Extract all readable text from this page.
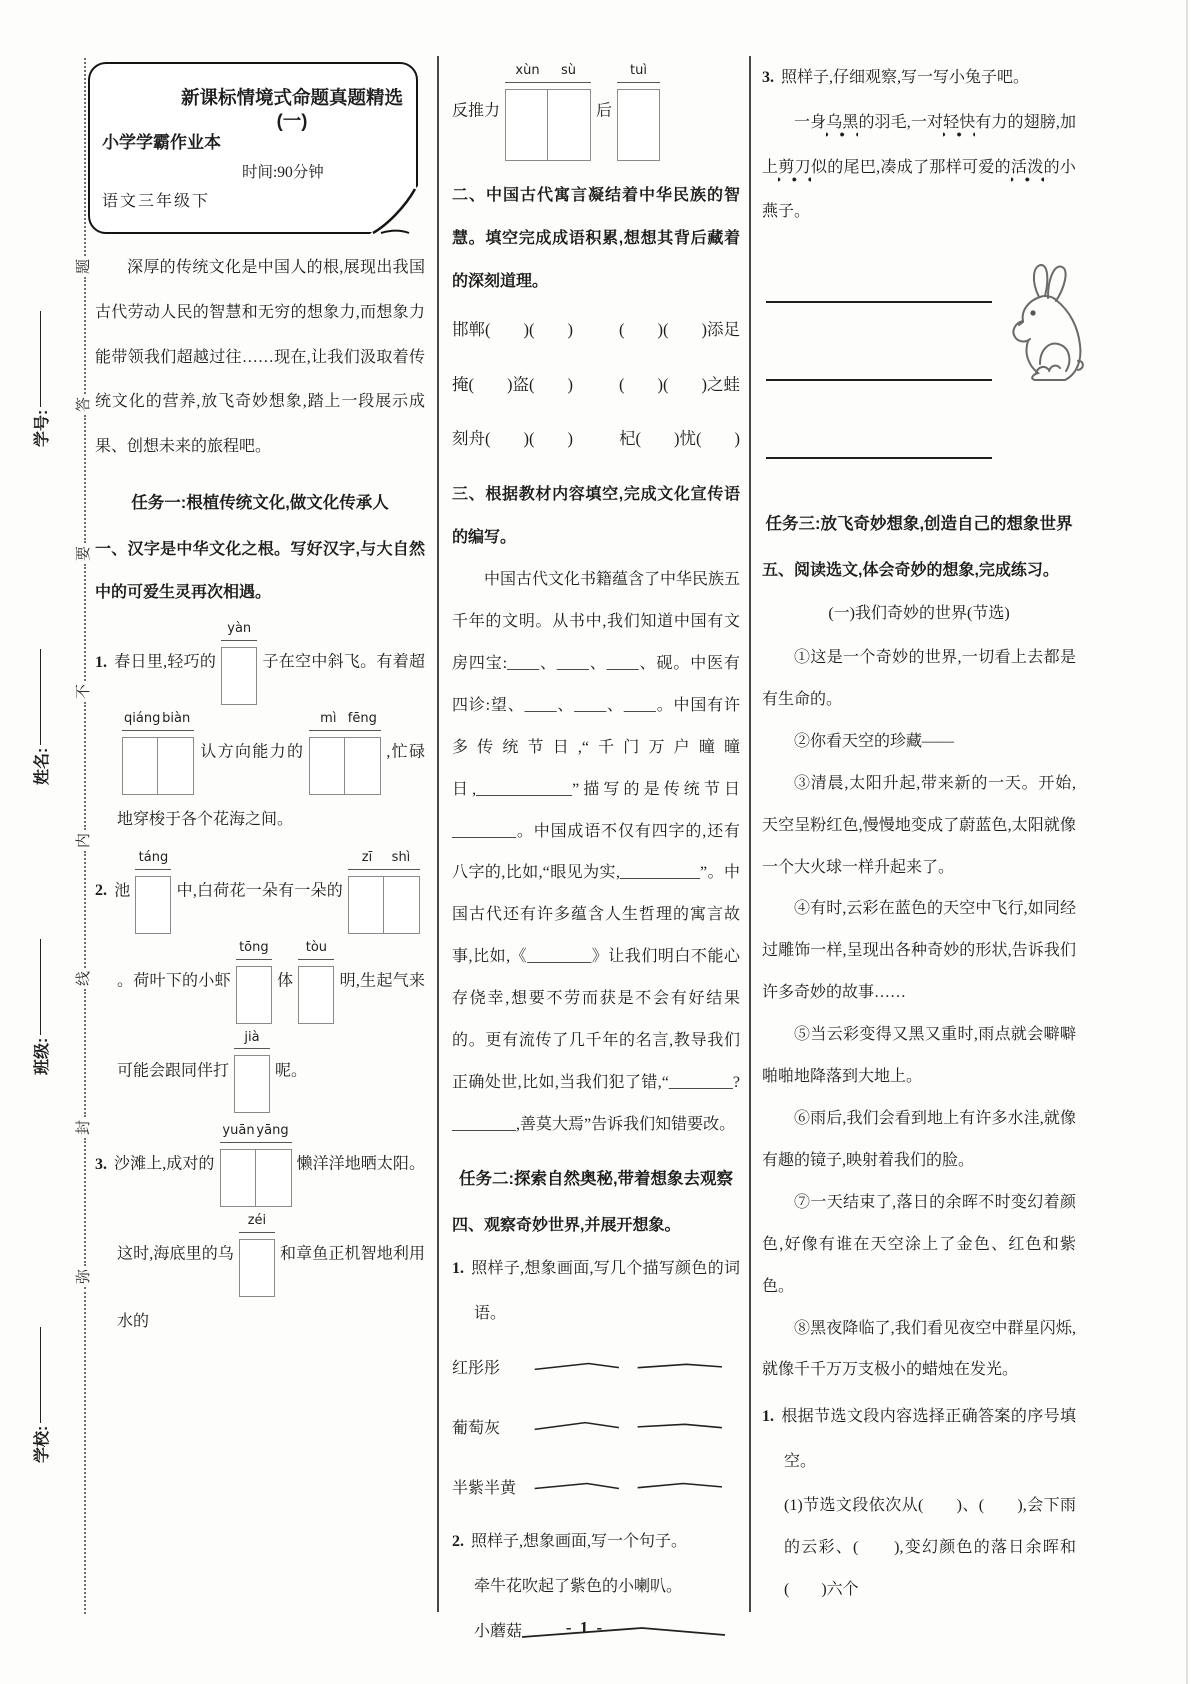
题
答
要
不
内
线
封
弥
学号:
姓名:
班级:
学校:
新课标情境式命题真题精选(一)
小学学霸作业本
时间:90分钟
语文三年级下

深厚的传统文化是中国人的根,展现出我国古代劳动人民的智慧和无穷的想象力,而想象力能带领我们超越过往……现在,让我们汲取着传统文化的营养,放飞奇妙想象,踏上一段展示成果、创想未来的旅程吧。

任务一:根植传统文化,做文化传承人

一、汉字是中华文化之根。写好汉字,与大自然中的可爱生灵再次相遇。

1. 春日里,轻巧的
yàn
子在空中斜飞。有着超
qiáng biàn
认方向能力的
mì fēng
,忙碌地穿梭于各个花海之间。

2. 池
táng
中,白荷花一朵有一朵的
zī	shì
。荷叶下的小虾
tōng
体
tòu
明,生起气来可能会跟同伴打
jià
呢。

3. 沙滩上,成对的
yuān yāng
懒洋洋地晒太阳。这时,海底里的乌
zéi
和章鱼正机智地利用水的

反推力
xùn	sù
后
tuì

二、中国古代寓言凝结着中华民族的智慧。填空完成成语积累,想想其背后藏着的深刻道理。

邯郸(　　)(　　)	(　　)(　　)添足
掩(　　)盗(　　)	(　　)(　　)之蛙
刻舟(　　)(　　)	杞(　　)忧(　　)

三、根据教材内容填空,完成文化宣传语的编写。

中国古代文化书籍蕴含了中华民族五千年的文明。从书中,我们知道中国有文房四宝:____、____、____、砚。中医有四诊:望、____、____、____。中国有许多传统节日,“千门万户曈曈日,____________”描写的是传统节日________。中国成语不仅有四字的,还有八字的,比如,“眼见为实,__________”。中国古代还有许多蕴含人生哲理的寓言故事,比如,《________》让我们明白不能心存侥幸,想要不劳而获是不会有好结果的。更有流传了几千年的名言,教导我们正确处世,比如,当我们犯了错,“________?________,善莫大焉”告诉我们知错要改。

任务二:探索自然奥秘,带着想象去观察

四、观察奇妙世界,并展开想象。

1. 照样子,想象画面,写几个描写颜色的词语。

红彤彤
葡萄灰
半紫半黄

2. 照样子,想象画面,写一个句子。

牵牛花吹起了紫色的小喇叭。

小蘑菇

3. 照样子,仔细观察,写一写小兔子吧。

一身乌黑的羽毛,一对轻快有力的翅膀,加上剪刀似的尾巴,凑成了那样可爱的活泼的小燕子。

任务三:放飞奇妙想象,创造自己的想象世界

五、阅读选文,体会奇妙的想象,完成练习。

(一)我们奇妙的世界(节选)

①这是一个奇妙的世界,一切看上去都是有生命的。

②你看天空的珍藏——

③清晨,太阳升起,带来新的一天。开始,天空呈粉红色,慢慢地变成了蔚蓝色,太阳就像一个大火球一样升起来了。

④有时,云彩在蓝色的天空中飞行,如同经过雕饰一样,呈现出各种奇妙的形状,告诉我们许多奇妙的故事……

⑤当云彩变得又黑又重时,雨点就会噼噼啪啪地降落到大地上。

⑥雨后,我们会看到地上有许多水洼,就像有趣的镜子,映射着我们的脸。

⑦一天结束了,落日的余晖不时变幻着颜色,好像有谁在天空涂上了金色、红色和紫色。

⑧黑夜降临了,我们看见夜空中群星闪烁,就像千千万万支极小的蜡烛在发光。

1. 根据节选文段内容选择正确答案的序号填空。

(1)节选文段依次从(　　)、(　　),会下雨的云彩、(　　),变幻颜色的落日余晖和(　　)六个

- 1 -
